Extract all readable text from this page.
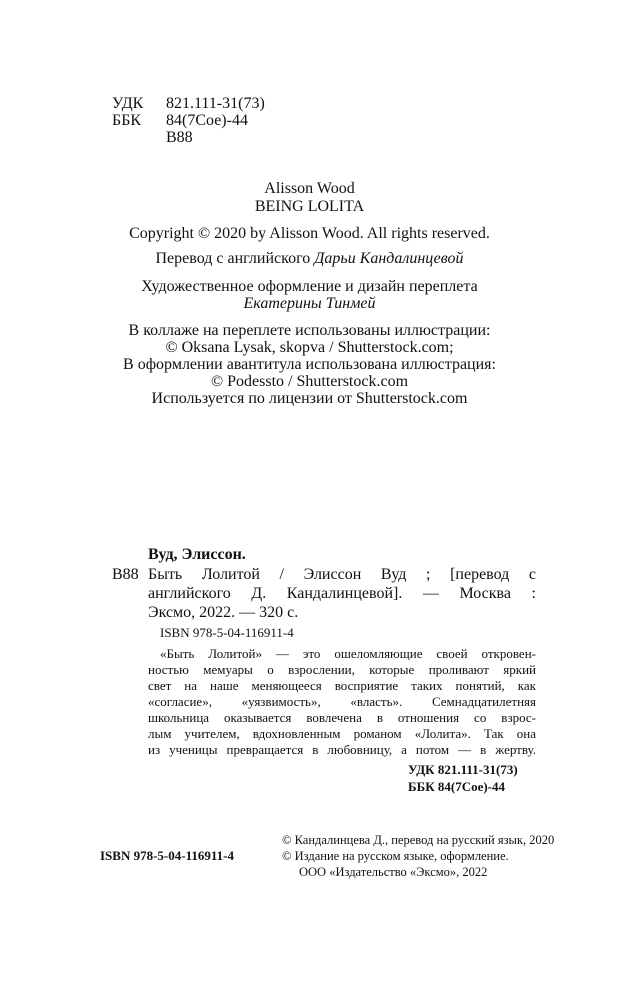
УДК 821.111-31(73)
ББК 84(7Сое)-44
В88
Alisson Wood
BEING LOLITA
Copyright © 2020 by Alisson Wood. All rights reserved.
Перевод с английского Дарьи Кандалинцевой
Художественное оформление и дизайн переплета
Екатерины Тинмей
В коллаже на переплете использованы иллюстрации:
© Oksana Lysak, skopva / Shutterstock.com;
В оформлении авантитула использована иллюстрация:
© Podessto / Shutterstock.com
Используется по лицензии от Shutterstock.com
Вуд, Элиссон.
В88 Быть Лолитой / Элиссон Вуд ; [перевод с
английского Д. Кандалинцевой]. — Москва :
Эксмо, 2022. — 320 с.
ISBN 978-5-04-116911-4
«Быть Лолитой» — это ошеломляющие своей откровен-
ностью мемуары о взрослении, которые проливают яркий
свет на наше меняющееся восприятие таких понятий, как
«согласие», «уязвимость», «власть». Семнадцатилетняя
школьница оказывается вовлечена в отношения со взрос-
лым учителем, вдохновленным романом «Лолита». Так она
из ученицы превращается в любовницу, а потом — в жертву.
УДК 821.111-31(73)
ББК 84(7Сое)-44
ISBN 978-5-04-116911-4
© Кандалинцева Д., перевод на русский язык, 2020
© Издание на русском языке, оформление.
ООО «Издательство «Эксмо», 2022
